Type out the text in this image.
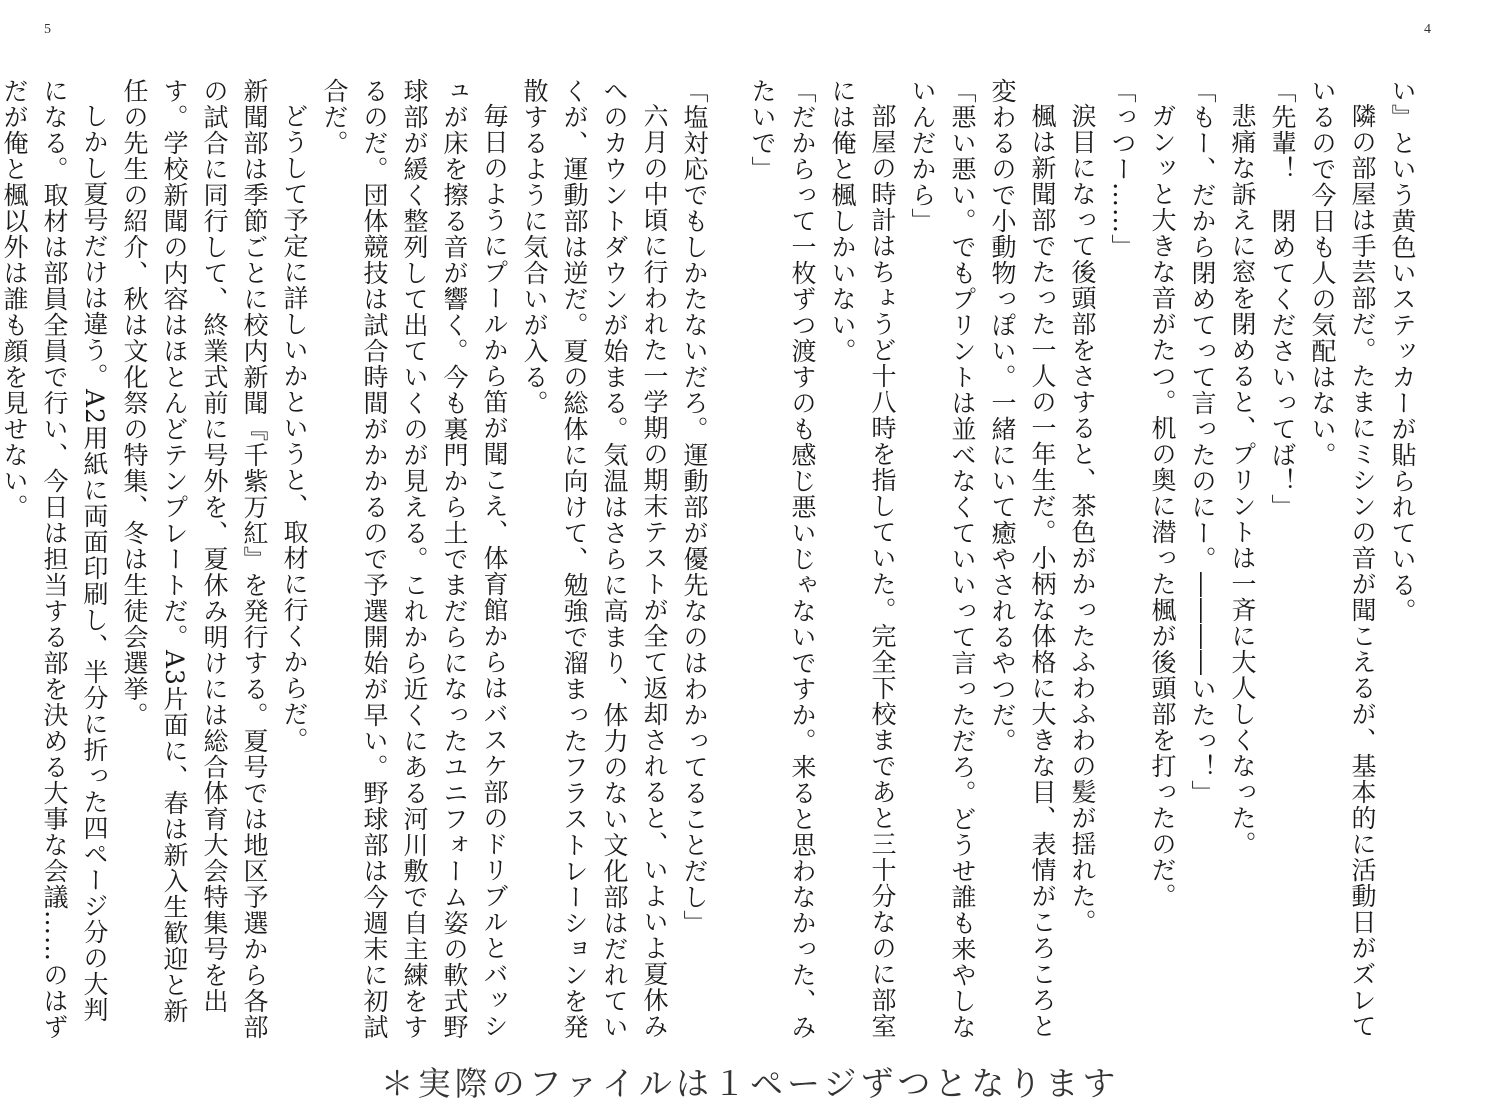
5	4

い』という黄色いステッカーが貼られている。

隣の部屋は手芸部だ。たまにミシンの音が聞こえるが、基本的に活動日がズレているので今日も人の気配はない。

「先輩！　閉めてくださいってば！」

悲痛な訴えに窓を閉めると、プリントは一斉に大人しくなった。

「もー、だから閉めてって言ったのにー。――――いたっ！」

ガンッと大きな音がたつ。机の奥に潜った楓が後頭部を打ったのだ。

「っつー……」

涙目になって後頭部をさすると、茶色がかったふわふわの髪が揺れた。

楓は新聞部でたった一人の一年生だ。小柄な体格に大きな目、表情がころころと変わるので小動物っぽい。一緒にいて癒やされるやつだ。

「悪い悪い。でもプリントは並べなくていいって言っただろ。どうせ誰も来やしないんだから」

部屋の時計はちょうど十八時を指していた。完全下校まであと三十分なのに部室には俺と楓しかいない。

「だからって一枚ずつ渡すのも感じ悪いじゃないですか。来ると思わなかった、みたいで」

「塩対応でもしかたないだろ。運動部が優先なのはわかってることだし」

六月の中頃に行われた一学期の期末テストが全て返却されると、いよいよ夏休みへのカウントダウンが始まる。気温はさらに高まり、体力のない文化部はだれていくが、運動部は逆だ。夏の総体に向けて、勉強で溜まったフラストレーションを発散するように気合いが入る。

毎日のようにプールから笛が聞こえ、体育館からはバスケ部のドリブルとバッシュが床を擦る音が響く。今も裏門から土でまだらになったユニフォーム姿の軟式野球部が緩く整列して出ていくのが見える。これから近くにある河川敷で自主練をするのだ。団体競技は試合時間がかかるので予選開始が早い。野球部は今週末に初試合だ。

どうして予定に詳しいかというと、取材に行くからだ。

新聞部は季節ごとに校内新聞『千紫万紅』を発行する。夏号では地区予選から各部の試合に同行して、終業式前に号外を、夏休み明けには総合体育大会特集号を出す。学校新聞の内容はほとんどテンプレートだ。A3片面に、春は新入生歓迎と新任の先生の紹介、秋は文化祭の特集、冬は生徒会選挙。

しかし夏号だけは違う。A2用紙に両面印刷し、半分に折った四ページ分の大判になる。取材は部員全員で行い、今日は担当する部を決める大事な会議……のはずだが俺と楓以外は誰も顔を見せない。

＊実際のファイルは１ページずつとなります
